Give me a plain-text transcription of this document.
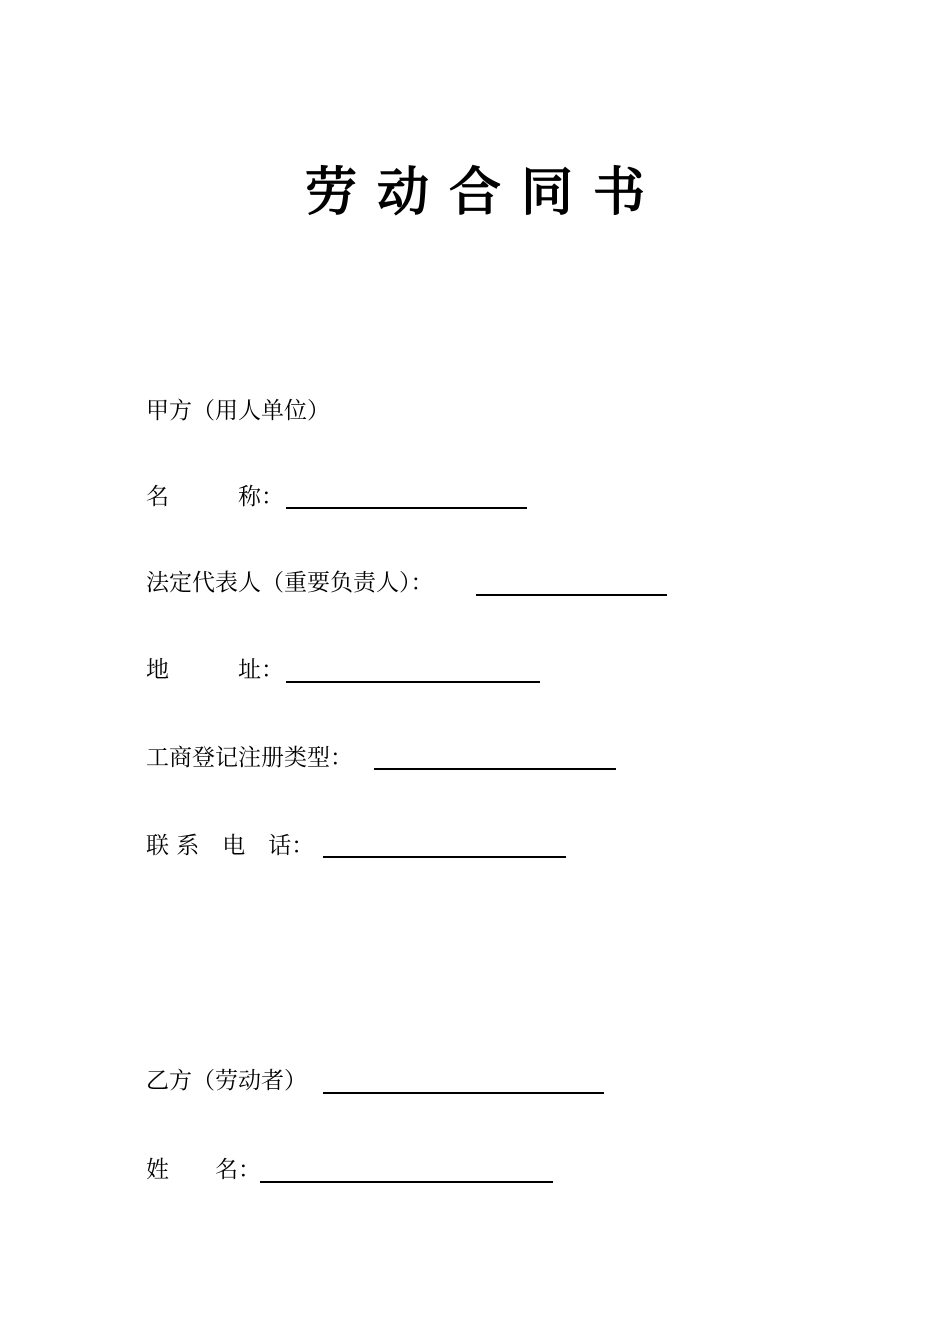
劳动合同书
甲方（用人单位）
名　　　称：
法定代表人（重要负责人）：
地　　　址：
工商登记注册类型：
联 系　电　话：
乙方（劳动者）
姓　　名：
